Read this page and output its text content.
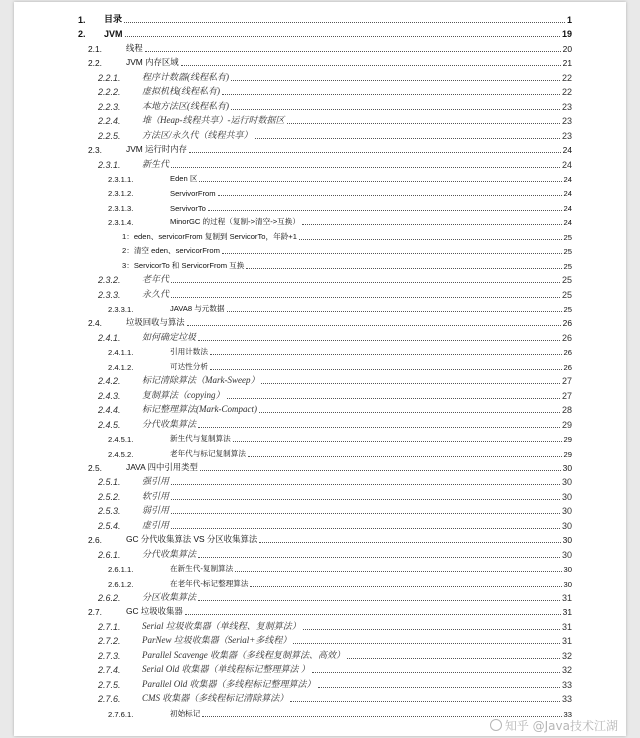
1.	目录	1
2.	JVM	19
2.1.	线程	20
2.2.	JVM 内存区域	21
2.2.1.	程序计数器(线程私有)	22
2.2.2.	虚拟机栈(线程私有)	22
2.2.3.	本地方法区(线程私有)	23
2.2.4.	堆（Heap-线程共享）-运行时数据区	23
2.2.5.	方法区/永久代（线程共享）	23
2.3.	JVM 运行时内存	24
2.3.1.	新生代	24
2.3.1.1.	Eden 区	24
2.3.1.2.	ServivorFrom	24
2.3.1.3.	ServivorTo	24
2.3.1.4.	MinorGC 的过程（复制->清空->互换）	24
1： eden、servicorFrom 复制到 ServicorTo，年龄+1	25
2： 清空 eden、servicorFrom	25
3： ServicorTo 和 ServicorFrom 互换	25
2.3.2.	老年代	25
2.3.3.	永久代	25
2.3.3.1.	JAVA8 与元数据	25
2.4.	垃圾回收与算法	26
2.4.1.	如何确定垃圾	26
2.4.1.1.	引用计数法	26
2.4.1.2.	可达性分析	26
2.4.2.	标记清除算法（Mark-Sweep）	27
2.4.3.	复制算法（copying）	27
2.4.4.	标记整理算法(Mark-Compact)	28
2.4.5.	分代收集算法	29
2.4.5.1.	新生代与复制算法	29
2.4.5.2.	老年代与标记复制算法	29
2.5.	JAVA 四中引用类型	30
2.5.1.	强引用	30
2.5.2.	软引用	30
2.5.3.	弱引用	30
2.5.4.	虚引用	30
2.6.	GC 分代收集算法 VS 分区收集算法	30
2.6.1.	分代收集算法	30
2.6.1.1.	在新生代-复制算法	30
2.6.1.2.	在老年代-标记整理算法	30
2.6.2.	分区收集算法	31
2.7.	GC 垃圾收集器	31
2.7.1.	Serial 垃圾收集器（单线程、复制算法）	31
2.7.2.	ParNew 垃圾收集器（Serial+多线程）	31
2.7.3.	Parallel Scavenge 收集器（多线程复制算法、高效）	32
2.7.4.	Serial Old 收集器（单线程标记整理算法 ）	32
2.7.5.	Parallel Old 收集器（多线程标记整理算法）	33
2.7.6.	CMS 收集器（多线程标记清除算法）	33
2.7.6.1.	初始标记	33
知乎 @Java技术江湖
